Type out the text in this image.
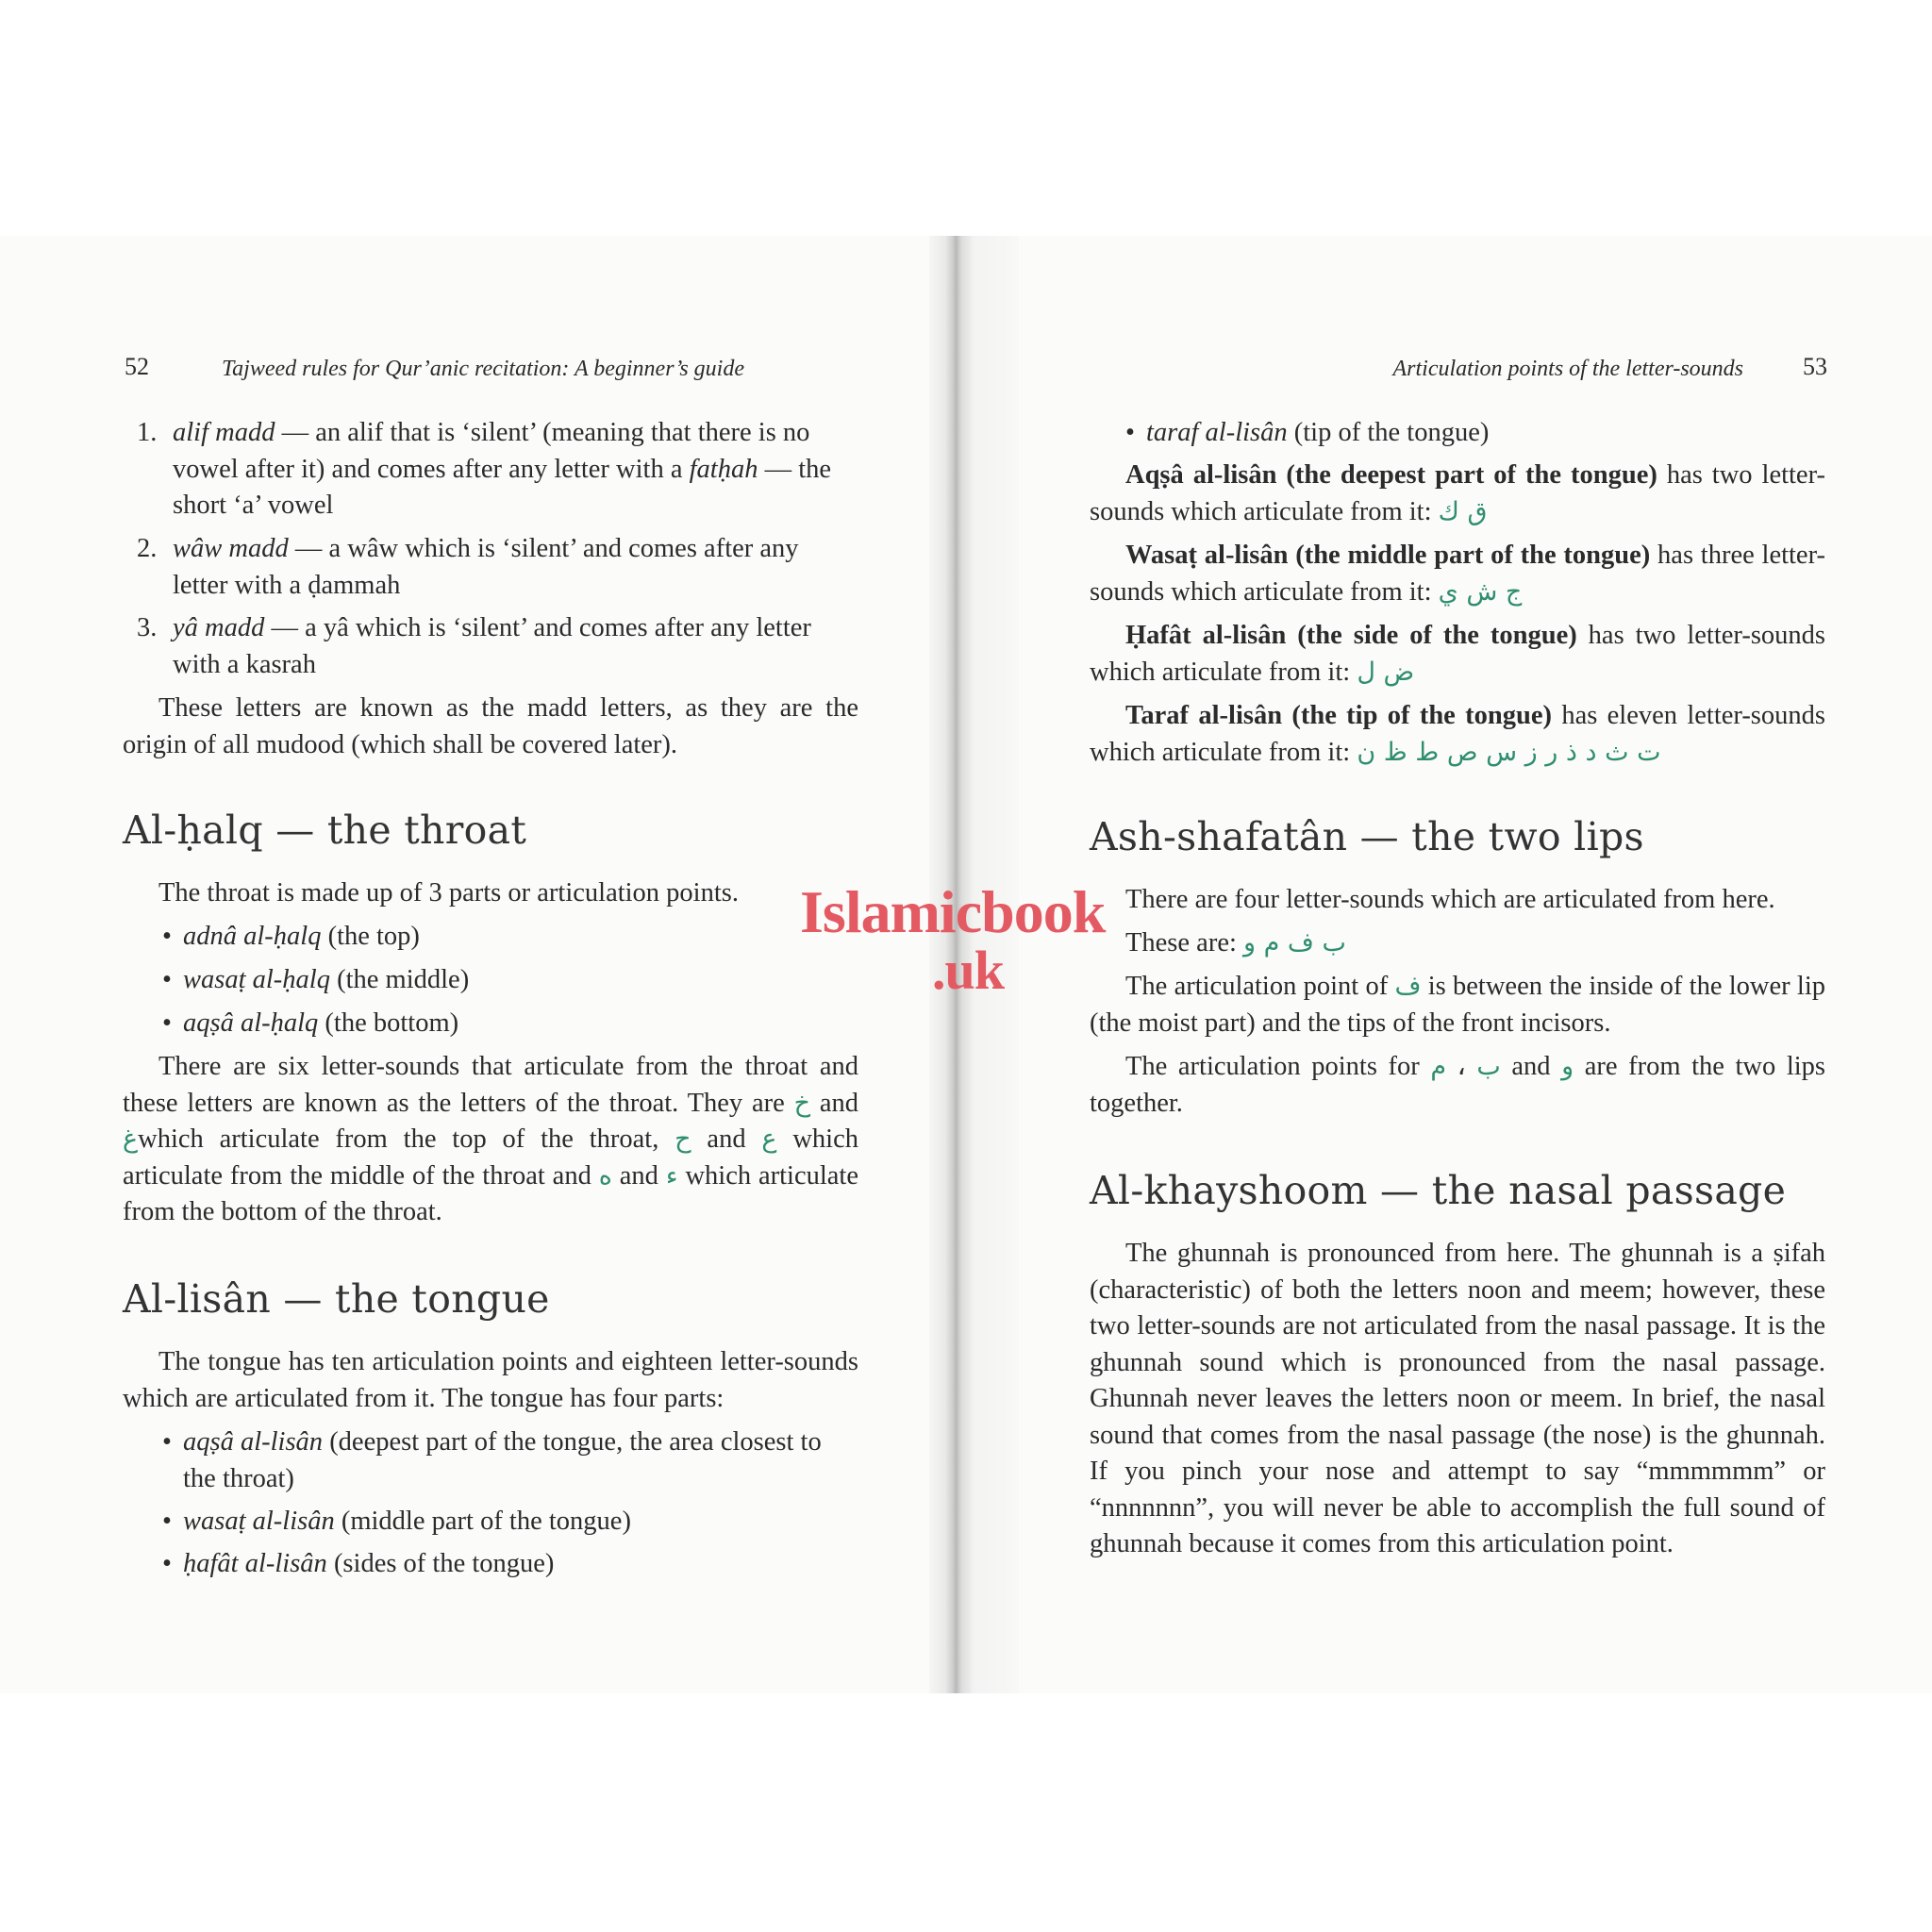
52	Tajweed rules for Qur’anic recitation: A beginner’s guide
1. alif madd — an alif that is ‘silent’ (meaning that there is no vowel after it) and comes after any letter with a fatḥah — the short ‘a’ vowel
2. wâw madd — a wâw which is ‘silent’ and comes after any letter with a ḍammah
3. yâ madd — a yâ which is ‘silent’ and comes after any letter with a kasrah
These letters are known as the madd letters, as they are the origin of all mudood (which shall be covered later).
Al-ḥalq — the throat
The throat is made up of 3 parts or articulation points.
• adnâ al-ḥalq (the top)
• wasaṭ al-ḥalq (the middle)
• aqṣâ al-ḥalq (the bottom)
There are six letter-sounds that articulate from the throat and these letters are known as the letters of the throat. They are خ and غwhich articulate from the top of the throat, ح and ع which articulate from the middle of the throat and ه and ء which articulate from the bottom of the throat.
Al-lisân — the tongue
The tongue has ten articulation points and eighteen letter-sounds which are articulated from it. The tongue has four parts:
• aqṣâ al-lisân (deepest part of the tongue, the area closest to the throat)
• wasaṭ al-lisân (middle part of the tongue)
• ḥafât al-lisân (sides of the tongue)
Articulation points of the letter-sounds 53
• taraf al-lisân (tip of the tongue)
Aqṣâ al-lisân (the deepest part of the tongue) has two letter-sounds which articulate from it: ق ك
Wasaṭ al-lisân (the middle part of the tongue) has three letter-sounds which articulate from it: ج ش ي
Ḥafât al-lisân (the side of the tongue) has two letter-sounds which articulate from it: ض ل
Taraf al-lisân (the tip of the tongue) has eleven letter-sounds which articulate from it: ت ث د ذ ر ز س ص ط ظ ن
Ash-shafatân — the two lips
There are four letter-sounds which are articulated from here.
These are: ب ف م و
The articulation point of ف is between the inside of the lower lip (the moist part) and the tips of the front incisors.
The articulation points for ب ، م and و are from the two lips together.
Al-khayshoom — the nasal passage
The ghunnah is pronounced from here. The ghunnah is a ṣifah (characteristic) of both the letters noon and meem; however, these two letter-sounds are not articulated from the nasal passage. It is the ghunnah sound which is pronounced from the nasal passage. Ghunnah never leaves the letters noon or meem. In brief, the nasal sound that comes from the nasal passage (the nose) is the ghunnah. If you pinch your nose and attempt to say “mmmmmm” or “nnnnnnn”, you will never be able to accomplish the full sound of ghunnah because it comes from this articulation point.
Islamicbook
.uk
